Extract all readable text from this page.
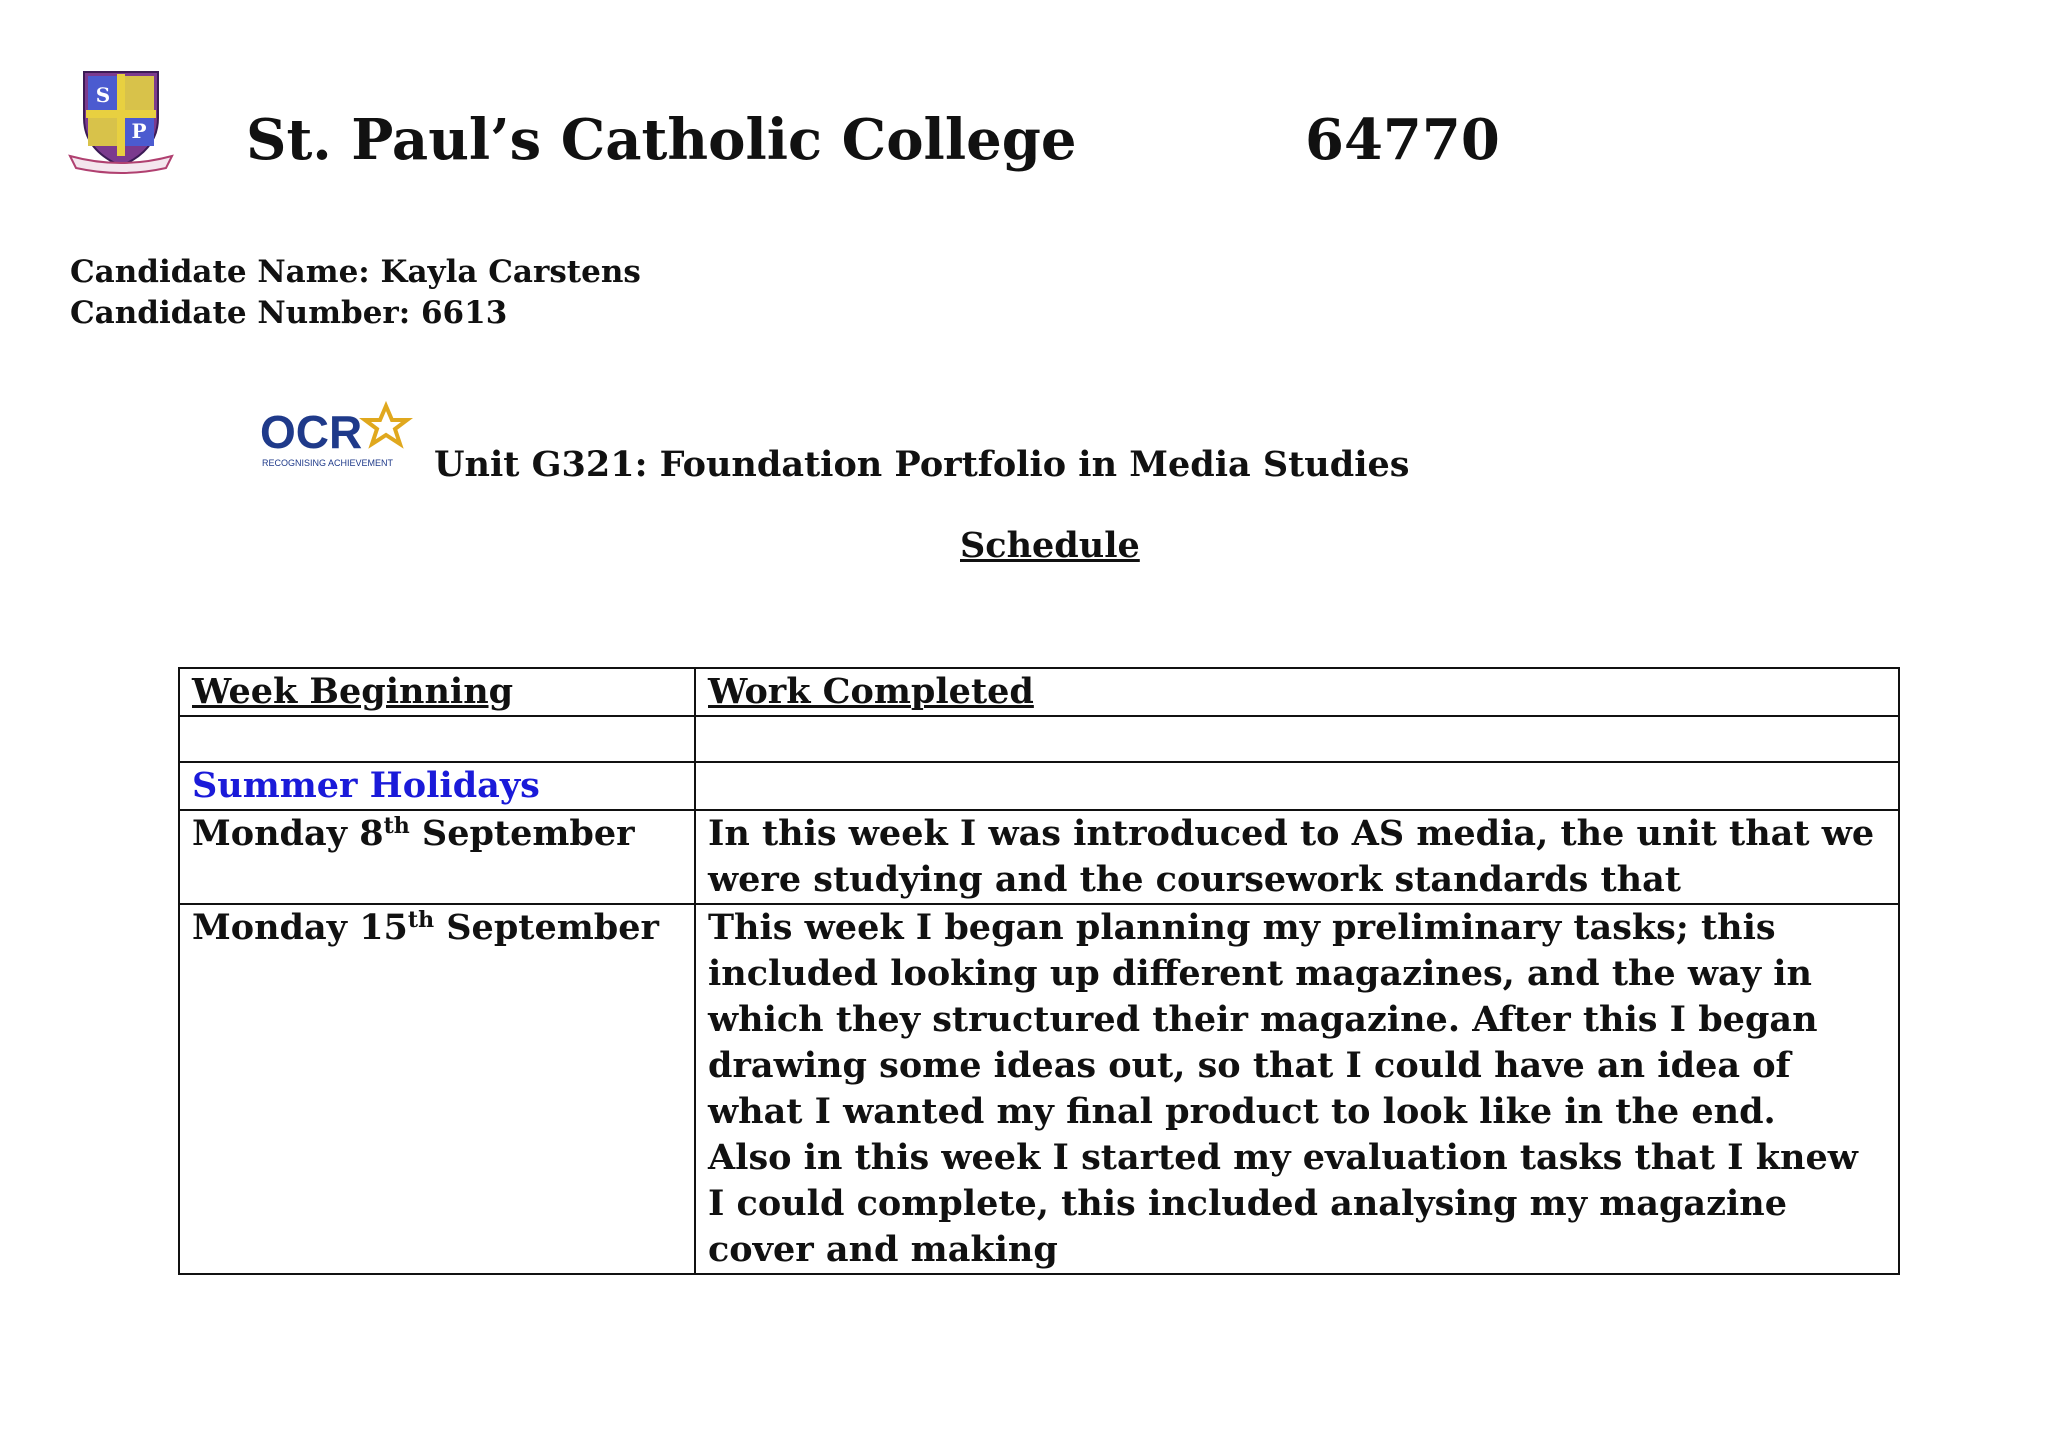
S
P St. Paul’s Catholic College	64770
Candidate Name: Kayla Carstens
Candidate Number: 6613
OCR
RECOGNISING ACHIEVEMENT Unit G321: Foundation Portfolio in Media Studies
Schedule
Week Beginning	Work Completed

Summer Holidays	
Monday 8th September	In this week I was introduced to AS media, the unit that we were studying and the coursework standards that

Monday 15th September	This week I began planning my preliminary tasks; this included looking up different magazines, and the way in which they structured their magazine. After this I began drawing some ideas out, so that I could have an idea of what I wanted my final product to look like in the end.
Also in this week I started my evaluation tasks that I knew I could complete, this included analysing my magazine cover and making
